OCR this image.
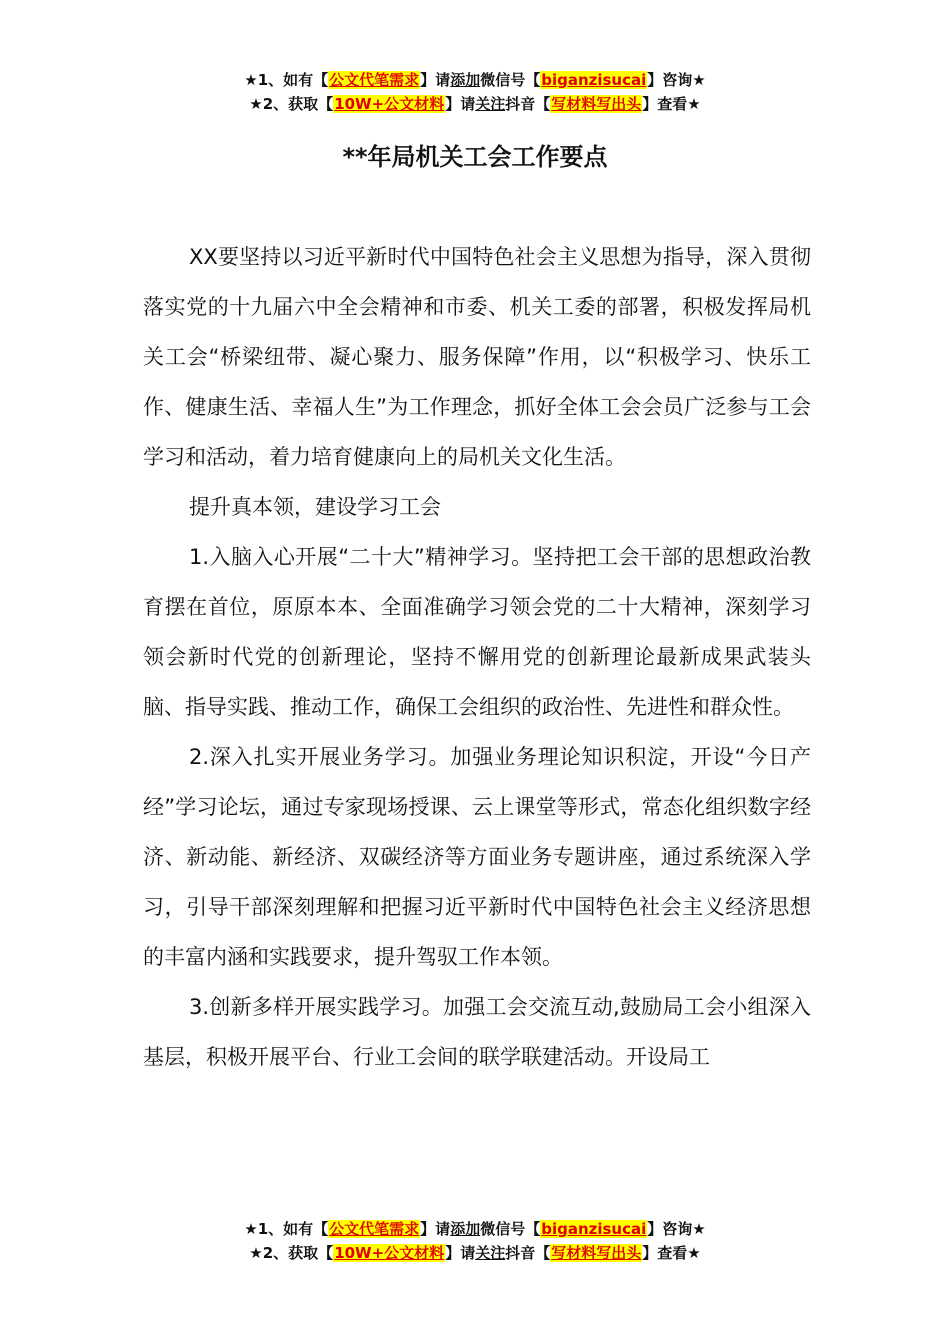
★1、如有【公文代笔需求】请添加微信号【biganzisucai】咨询★
★2、获取【10W+公文材料】请关注抖音【写材料写出头】查看★
**年局机关工会工作要点

XX要坚持以习近平新时代中国特色社会主义思想为指导，深入贯彻落实党的十九届六中全会精神和市委、机关工委的部署，积极发挥局机关工会“桥梁纽带、凝心聚力、服务保障”作用，以“积极学习、快乐工作、健康生活、幸福人生”为工作理念，抓好全体工会会员广泛参与工会学习和活动，着力培育健康向上的局机关文化生活。

提升真本领，建设学习工会

1.入脑入心开展“二十大”精神学习。坚持把工会干部的思想政治教育摆在首位，原原本本、全面准确学习领会党的二十大精神，深刻学习领会新时代党的创新理论，坚持不懈用党的创新理论最新成果武装头脑、指导实践、推动工作，确保工会组织的政治性、先进性和群众性。

2.深入扎实开展业务学习。加强业务理论知识积淀，开设“今日产经”学习论坛，通过专家现场授课、云上课堂等形式，常态化组织数字经济、新动能、新经济、双碳经济等方面业务专题讲座，通过系统深入学习，引导干部深刻理解和把握习近平新时代中国特色社会主义经济思想的丰富内涵和实践要求，提升驾驭工作本领。

3.创新多样开展实践学习。加强工会交流互动,鼓励局工会小组深入基层，积极开展平台、行业工会间的联学联建活动。开设局工

★1、如有【公文代笔需求】请添加微信号【biganzisucai】咨询★
★2、获取【10W+公文材料】请关注抖音【写材料写出头】查看★
